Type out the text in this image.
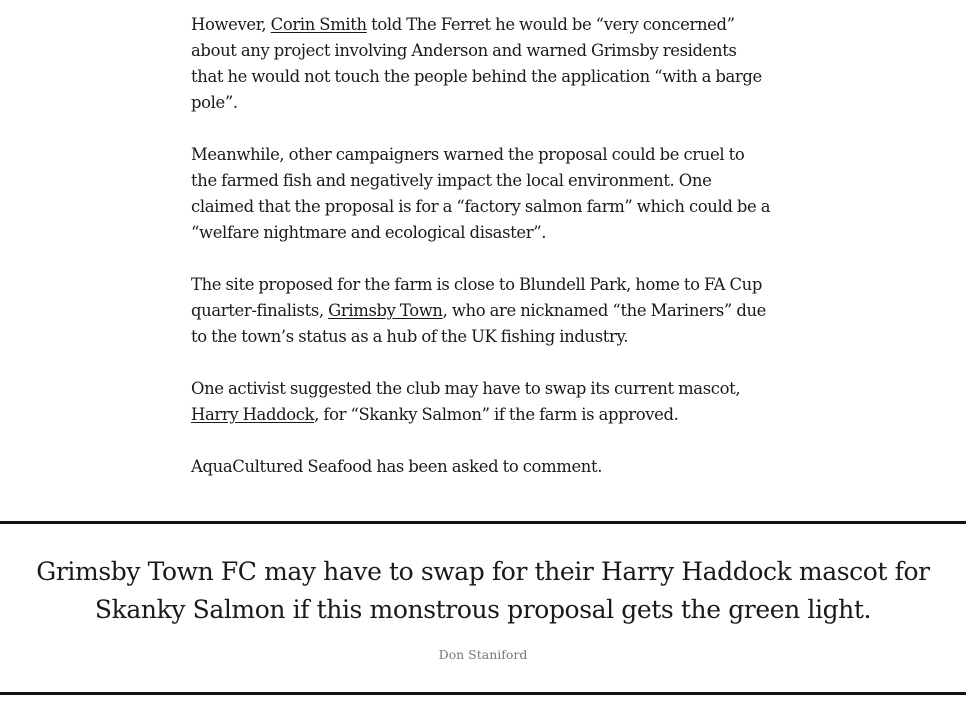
However, Corin Smith told The Ferret he would be “very concerned” about any project involving Anderson and warned Grimsby residents that he would not touch the people behind the application “with a barge pole”.

Meanwhile, other campaigners warned the proposal could be cruel to the farmed fish and negatively impact the local environment. One claimed that the proposal is for a “factory salmon farm” which could be a “welfare nightmare and ecological disaster”.

The site proposed for the farm is close to Blundell Park, home to FA Cup quarter-finalists, Grimsby Town, who are nicknamed “the Mariners” due to the town’s status as a hub of the UK fishing industry.

One activist suggested the club may have to swap its current mascot, Harry Haddock, for “Skanky Salmon” if the farm is approved.

AquaCultured Seafood has been asked to comment.

Grimsby Town FC may have to swap for their Harry Haddock mascot for Skanky Salmon if this monstrous proposal gets the green light.
Don Staniford
